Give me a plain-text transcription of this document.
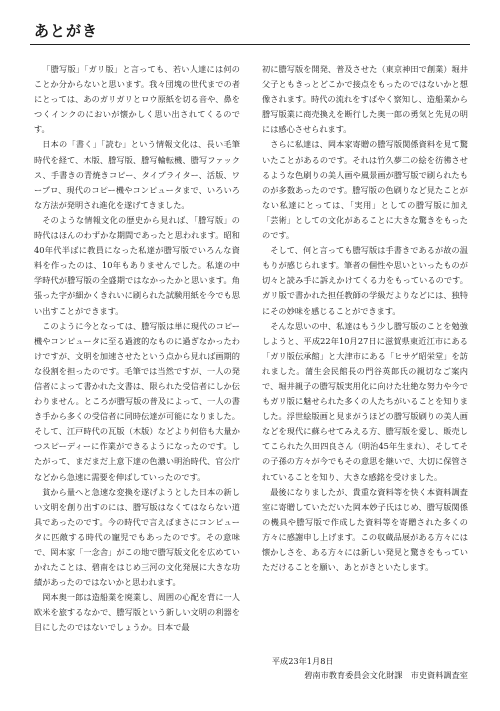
あとがき

「謄写版」「ガリ版」と言っても、若い人達には何のことか分からないと思います。我々団塊の世代までの者にとっては、あのガリガリとロウ原紙を切る音や、鼻をつくインクのにおいが懐かしく思い出されてくるのです。

日本の「書く」「読む」という情報文化は、長い毛筆時代を経て、木版、謄写版、謄写輪転機、謄写ファックス、手書きの青焼きコピー、タイプライター、活版、ワープロ、現代のコピー機やコンピュータまで、いろいろな方法が発明され進化を遂げてきました。

そのような情報文化の歴史から見れば、「謄写版」の時代はほんのわずかな期間であったと思われます。昭和40年代半ばに教員になった私達が謄写版でいろんな資料を作ったのは、10年もありませんでした。私達の中学時代が謄写版の全盛期ではなかったかと思います。角張った字が細かくきれいに刷られた試験用紙を今でも思い出すことができます。

このように今となっては、謄写版は単に現代のコピー機やコンピュータに至る過渡的なものに過ぎなかったわけですが、文明を加速させたという点から見れば画期的な役割を担ったのです。毛筆では当然ですが、一人の発信者によって書かれた文書は、限られた受信者にしか伝わりません。ところが謄写版の普及によって、一人の書き手から多くの受信者に同時伝達が可能になりました。そして、江戸時代の瓦版（木版）などより何倍も大量かつスピーディーに作業ができるようになったのです。したがって、まだまだ上意下達の色濃い明治時代、官公庁などから急速に需要を伸ばしていったのです。

貧から量へと急速な変換を遂げようとした日本の新しい文明を創り出すのには、謄写版はなくてはならない道具であったのです。今の時代で言えばまさにコンピュータに匹敵する時代の寵児でもあったのです。その意味で、岡本家「一念舎」がこの地で謄写版文化を広めていかれたことは、碧南をはじめ三河の文化発展に大きな功績があったのではないかと思われます。

岡本奥一郎は造船業を廃業し、周囲の心配を背に一人欧米を旅するなかで、謄写版という新しい文明の利器を目にしたのではないでしょうか。日本で最

初に謄写版を開発、普及させた（東京神田で創業）堀井父子ともきっとどこかで接点をもったのではないかと想像されます。時代の流れをすばやく察知し、造船業から謄写版業に商売換えを断行した奥一郎の勇気と先見の明には感心させられます。

さらに私達は、岡本家寄贈の謄写版関係資料を見て驚いたことがあるのです。それは竹久夢二の絵を彷彿させるような色刷りの美人画や風景画が謄写版で刷られたものが多数あったのです。謄写版の色刷りなど見たことがない私達にとっては、「実用」としての謄写版に加え「芸術」としての文化があることに大きな驚きをもったのです。

そして、何と言っても謄写版は手書きであるが故の温もりが感じられます。筆者の個性や思いといったものが切々と読み手に訴えかけてくる力をもっているのです。ガリ版で書かれた担任教師の学級だよりなどには、独特にその妙味を感じることができます。

そんな思いの中、私達はもう少し謄写版のことを勉強しようと、平成22年10月27日に滋賀県東近江市にある「ガリ版伝承館」と大津市にある「ヒサゲ昭栄堂」を訪れました。蒲生会民館長の門谷英郎氏の親切なご案内で、堀井親子の謄写版実用化に向けた壮絶な努力や今でもガリ版に魅せられた多くの人たちがいることを知りました。浮世絵版画と見まがうほどの謄写版刷りの美人画などを現代に蘇らせてみえる方、謄写版を愛し、販売してこられた久田四良さん（明治45年生まれ）、そしてその子孫の方々が今でもその意思を継いで、大切に保管されていることを知り、大きな感銘を受けました。

最後になりましたが、貴重な資料等を快く本資料調査室に寄贈していただいた岡本妙子氏はじめ、謄写版関係の機具や謄写版で作成した資料等を寄贈された多くの方々に感謝申し上げます。この収蔵品展がある方々には懐かしさを、ある方々には新しい発見と驚きをもっていただけることを願い、あとがきといたします。

平成23年1月8日
碧南市教育委員会文化財課　市史資料調査室
